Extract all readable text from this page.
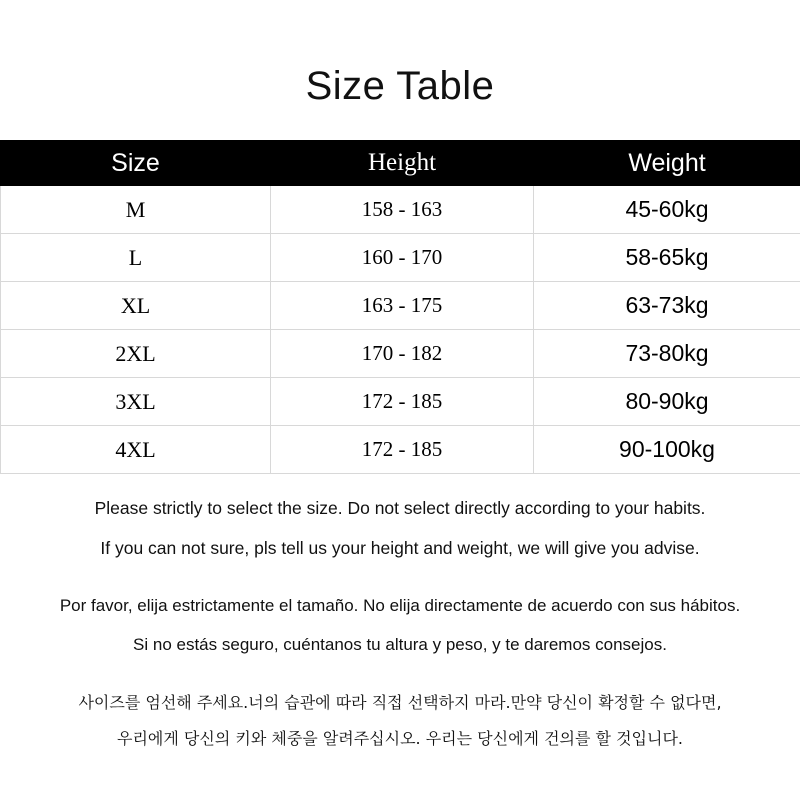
Size Table
Size	Height	Weight
M	158 - 163	45-60kg
L	160 - 170	58-65kg
XL	163 - 175	63-73kg
2XL	170 - 182	73-80kg
3XL	172 - 185	80-90kg
4XL	172 - 185	90-100kg
Please strictly to select the size. Do not select directly according to your habits.
If you can not sure, pls tell us your height and weight, we will give you advise.
Por favor, elija estrictamente el tamaño. No elija directamente de acuerdo con sus hábitos.
Si no estás seguro, cuéntanos tu altura y peso, y te daremos consejos.
사이즈를 엄선해 주세요.너의 습관에 따라 직접 선택하지 마라.만약 당신이 확정할 수 없다면,
우리에게 당신의 키와 체중을 알려주십시오. 우리는 당신에게 건의를 할 것입니다.
